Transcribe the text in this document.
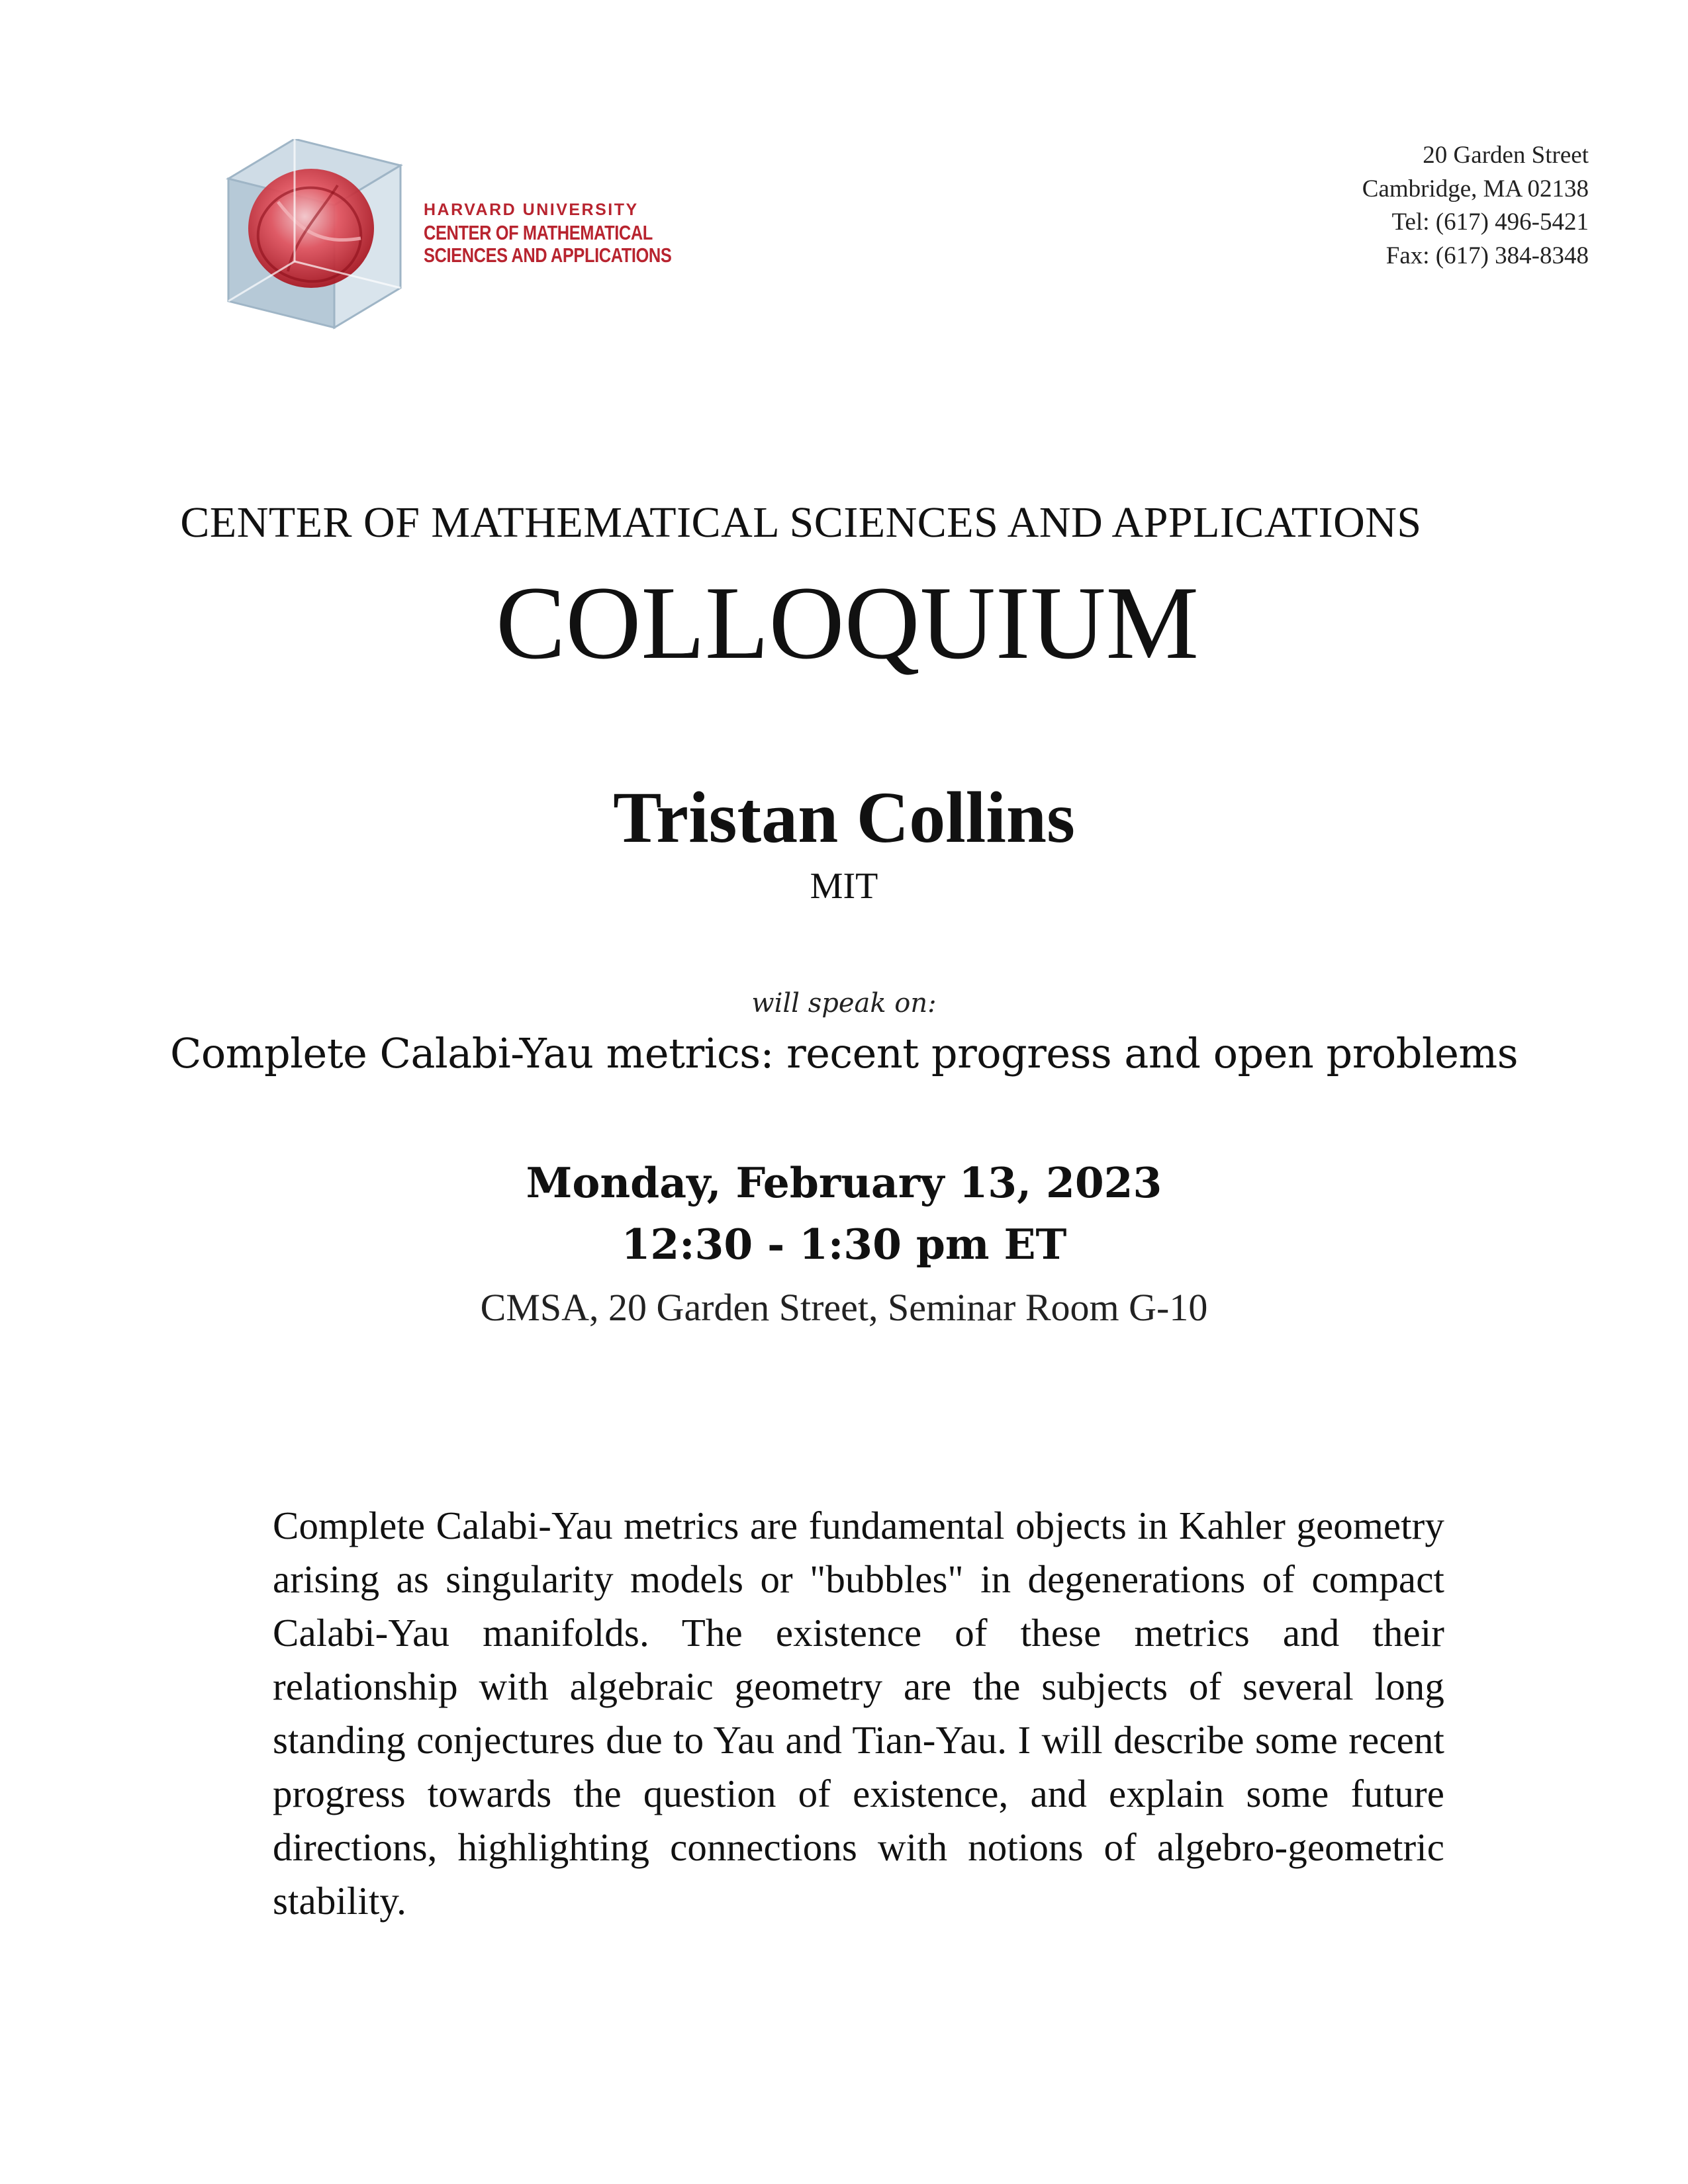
HARVARD UNIVERSITY
CENTER OF MATHEMATICAL
SCIENCES AND APPLICATIONS
20 Garden Street
Cambridge, MA 02138
Tel: (617) 496-5421
Fax: (617) 384-8348
CENTER OF MATHEMATICAL SCIENCES AND APPLICATIONS
COLLOQUIUM
Tristan Collins
MIT
will speak on:
Complete Calabi-Yau metrics: recent progress and open problems
Monday, February 13, 2023
12:30 - 1:30 pm ET
CMSA, 20 Garden Street, Seminar Room G-10
Complete Calabi-Yau metrics are fundamental objects in Kahler geometry arising as singularity models or "bubbles" in degenerations of compact Calabi-Yau manifolds. The existence of these metrics and their relationship with algebraic geometry are the subjects of several long standing conjectures due to Yau and Tian-Yau. I will describe some recent progress towards the question of existence, and explain some future directions, highlighting connections with notions of algebro-geometric stability.
